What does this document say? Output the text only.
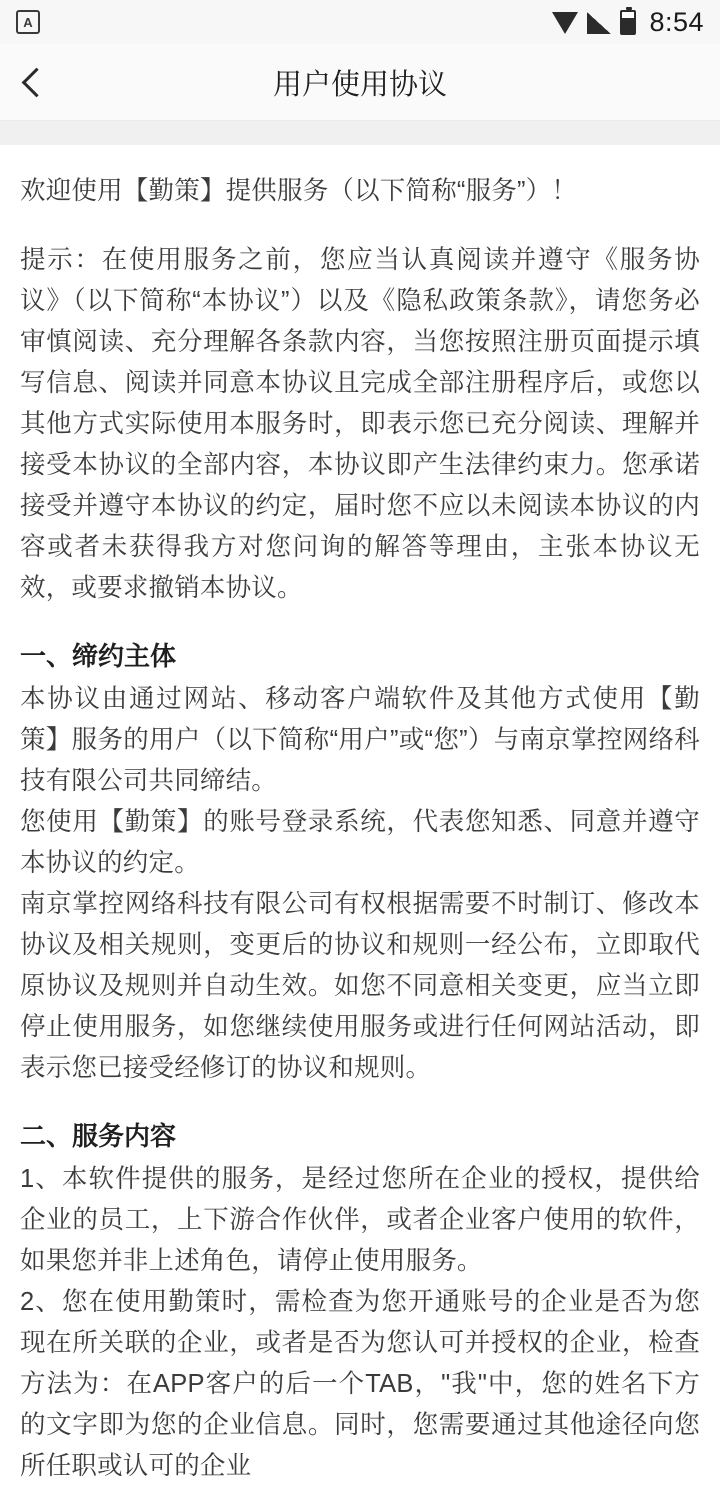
A	8:54
用户使用协议

欢迎使用【勤策】提供服务（以下简称“服务”）！

提示：在使用服务之前，您应当认真阅读并遵守《服务协议》（以下简称“本协议”）以及《隐私政策条款》，请您务必审慎阅读、充分理解各条款内容，当您按照注册页面提示填写信息、阅读并同意本协议且完成全部注册程序后，或您以其他方式实际使用本服务时，即表示您已充分阅读、理解并接受本协议的全部内容，本协议即产生法律约束力。您承诺接受并遵守本协议的约定，届时您不应以未阅读本协议的内容或者未获得我方对您问询的解答等理由，主张本协议无效，或要求撤销本协议。

一、缔约主体

本协议由通过网站、移动客户端软件及其他方式使用【勤策】服务的用户（以下简称“用户”或“您”）与南京掌控网络科技有限公司共同缔结。

您使用【勤策】的账号登录系统，代表您知悉、同意并遵守本协议的约定。

南京掌控网络科技有限公司有权根据需要不时制订、修改本协议及相关规则，变更后的协议和规则一经公布，立即取代原协议及规则并自动生效。如您不同意相关变更，应当立即停止使用服务，如您继续使用服务或进行任何网站活动，即表示您已接受经修订的协议和规则。

二、服务内容

1、本软件提供的服务，是经过您所在企业的授权，提供给企业的员工，上下游合作伙伴，或者企业客户使用的软件，如果您并非上述角色，请停止使用服务。

2、您在使用勤策时，需检查为您开通账号的企业是否为您现在所关联的企业，或者是否为您认可并授权的企业，检查方法为：在APP客户的后一个TAB，"我"中，您的姓名下方的文字即为您的企业信息。同时，您需要通过其他途径向您所任职或认可的企业
